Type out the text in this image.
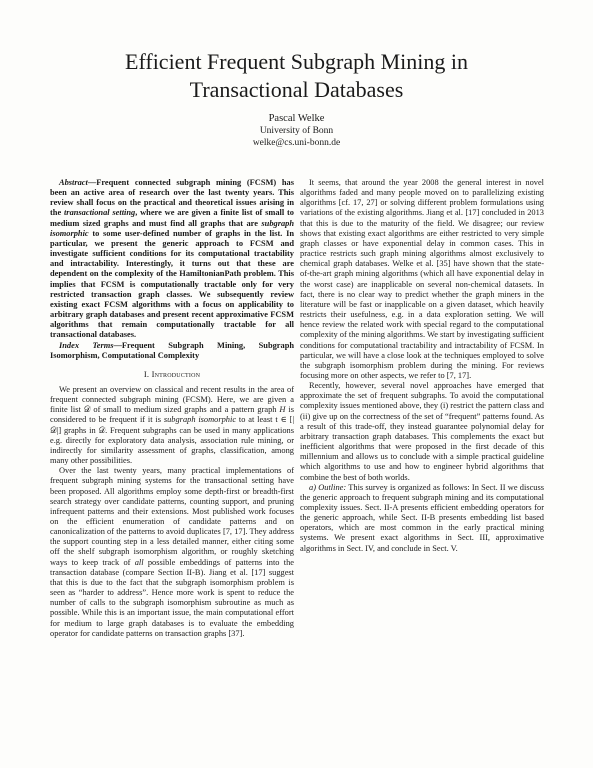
Efficient Frequent Subgraph Mining in
Transactional Databases
Pascal Welke
University of Bonn
welke@cs.uni-bonn.de

Abstract—Frequent connected subgraph mining (FCSM) has been an active area of research over the last twenty years. This review shall focus on the practical and theoretical issues arising in the transactional setting, where we are given a finite list of small to medium sized graphs and must find all graphs that are subgraph isomorphic to some user-defined number of graphs in the list. In particular, we present the generic approach to FCSM and investigate sufficient conditions for its computational tractability and intractability. Interestingly, it turns out that these are dependent on the complexity of the HamiltonianPath problem. This implies that FCSM is computationally tractable only for very restricted transaction graph classes. We subsequently review existing exact FCSM algorithms with a focus on applicability to arbitrary graph databases and present recent approximative FCSM algorithms that remain computationally tractable for all transactional databases.

Index Terms—Frequent Subgraph Mining, Subgraph Isomorphism, Computational Complexity

I. Introduction

We present an overview on classical and recent results in the area of frequent connected subgraph mining (FCSM). Here, we are given a finite list 𝒟 of small to medium sized graphs and a pattern graph H is considered to be frequent if it is subgraph isomorphic to at least t ∈ [|𝒟|] graphs in 𝒟. Frequent subgraphs can be used in many applications e.g. directly for exploratory data analysis, association rule mining, or indirectly for similarity assessment of graphs, classification, among many other possibilities.

Over the last twenty years, many practical implementations of frequent subgraph mining systems for the transactional setting have been proposed. All algorithms employ some depth-first or breadth-first search strategy over candidate patterns, counting support, and pruning infrequent patterns and their extensions. Most published work focuses on the efficient enumeration of candidate patterns and on canonicalization of the patterns to avoid duplicates [7, 17]. They address the support counting step in a less detailed manner, either citing some off the shelf subgraph isomorphism algorithm, or roughly sketching ways to keep track of all possible embeddings of patterns into the transaction database (compare Section II-B). Jiang et al. [17] suggest that this is due to the fact that the subgraph isomorphism problem is seen as “harder to address”. Hence more work is spent to reduce the number of calls to the subgraph isomorphism subroutine as much as possible. While this is an important issue, the main computational effort for medium to large graph databases is to evaluate the embedding operator for candidate patterns on transaction graphs [37].

It seems, that around the year 2008 the general interest in novel algorithms faded and many people moved on to parallelizing existing algorithms [cf. 17, 27] or solving different problem formulations using variations of the existing algorithms. Jiang et al. [17] concluded in 2013 that this is due to the maturity of the field. We disagree; our review shows that existing exact algorithms are either restricted to very simple graph classes or have exponential delay in common cases. This in practice restricts such graph mining algorithms almost exclusively to chemical graph databases. Welke et al. [35] have shown that the state-of-the-art graph mining algorithms (which all have exponential delay in the worst case) are inapplicable on several non-chemical datasets. In fact, there is no clear way to predict whether the graph miners in the literature will be fast or inapplicable on a given dataset, which heavily restricts their usefulness, e.g. in a data exploration setting. We will hence review the related work with special regard to the computational complexity of the mining algorithms. We start by investigating sufficient conditions for computational tractability and intractability of FCSM. In particular, we will have a close look at the techniques employed to solve the subgraph isomorphism problem during the mining. For reviews focusing more on other aspects, we refer to [7, 17].

Recently, however, several novel approaches have emerged that approximate the set of frequent subgraphs. To avoid the computational complexity issues mentioned above, they (i) restrict the pattern class and (ii) give up on the correctness of the set of “frequent” patterns found. As a result of this trade-off, they instead guarantee polynomial delay for arbitrary transaction graph databases. This complements the exact but inefficient algorithms that were proposed in the first decade of this millennium and allows us to conclude with a simple practical guideline which algorithms to use and how to engineer hybrid algorithms that combine the best of both worlds.

a) Outline: This survey is organized as follows: In Sect. II we discuss the generic approach to frequent subgraph mining and its computational complexity issues. Sect. II-A presents efficient embedding operators for the generic approach, while Sect. II-B presents embedding list based operators, which are most common in the early practical mining systems. We present exact algorithms in Sect. III, approximative algorithms in Sect. IV, and conclude in Sect. V.
